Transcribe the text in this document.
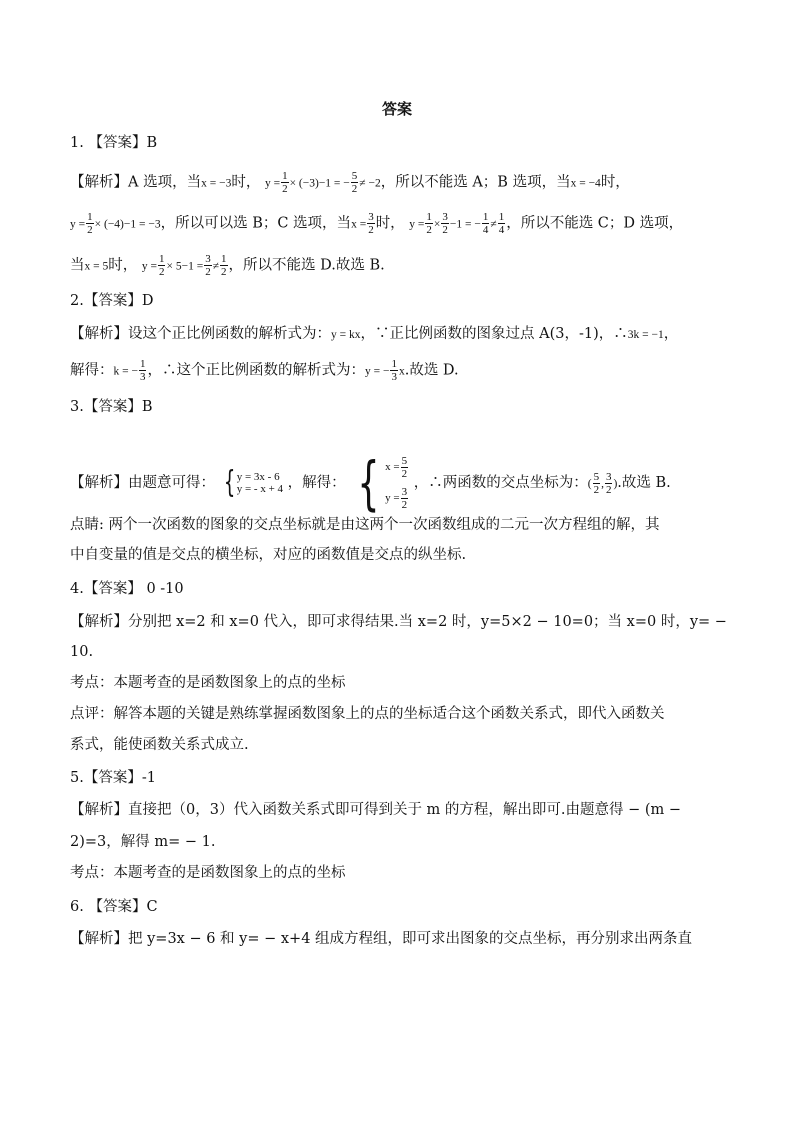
答案
1. 【答案】B
【解析】A 选项，当x = −3时， $y = \frac{1}{2} \times (-3)-1$ = − $\frac{5}{2} \ne -2$，所以不能选 A；B 选项，当x = −4时，
$y = \frac{1}{2} \times (-4)-1 = -3$，所以可以选 B；C 选项，当$x = \frac{3}{2}$ 时， $y = \frac{1}{2} \times \frac{3}{2} -1$ = − $\frac{1}{4} \ne \frac{1}{4}$ ，所以不能选 C；D 选项，
当x = 5时， $y = \frac{1}{2} \times 5-1 = \frac{3}{2} \ne \frac{1}{2}$ ，所以不能选 D.故选 B.
2.【答案】D
【解析】设这个正比例函数的解析式为：y = kx，∵正比例函数的图象过点 A(3，-1)，∴3k = −1，
解得：k = − $\frac{1}{3}$ ，∴这个正比例函数的解析式为：y = − $\frac{1}{3} x$.故选 D.
3.【答案】B
【解析】由题意可得： { y = 3x - 6
y = - x + 4 ，解得： { $x = \frac{5}{2}$
$y = \frac{3}{2}$
，∴两函数的交点坐标为：( $\frac{5}{2}$ , $\frac{3}{2}$ ).故选 B.
点睛: 两个一次函数的图象的交点坐标就是由这两个一次函数组成的二元一次方程组的解，其
中自变量的值是交点的横坐标，对应的函数值是交点的纵坐标.
4.【答案】 0 -10
【解析】分别把 x=2 和 x=0 代入，即可求得结果.当 x=2 时，y=5×2 − 10=0；当 x=0 时，y= −
10.
考点：本题考查的是函数图象上的点的坐标
点评：解答本题的关键是熟练掌握函数图象上的点的坐标适合这个函数关系式，即代入函数关
系式，能使函数关系式成立.
5.【答案】-1
【解析】直接把（0，3）代入函数关系式即可得到关于 m 的方程，解出即可.由题意得 − (m −
2)=3，解得 m= − 1.
考点：本题考查的是函数图象上的点的坐标
6. 【答案】C
【解析】把 y=3x − 6 和 y= − x+4 组成方程组，即可求出图象的交点坐标，再分别求出两条直
